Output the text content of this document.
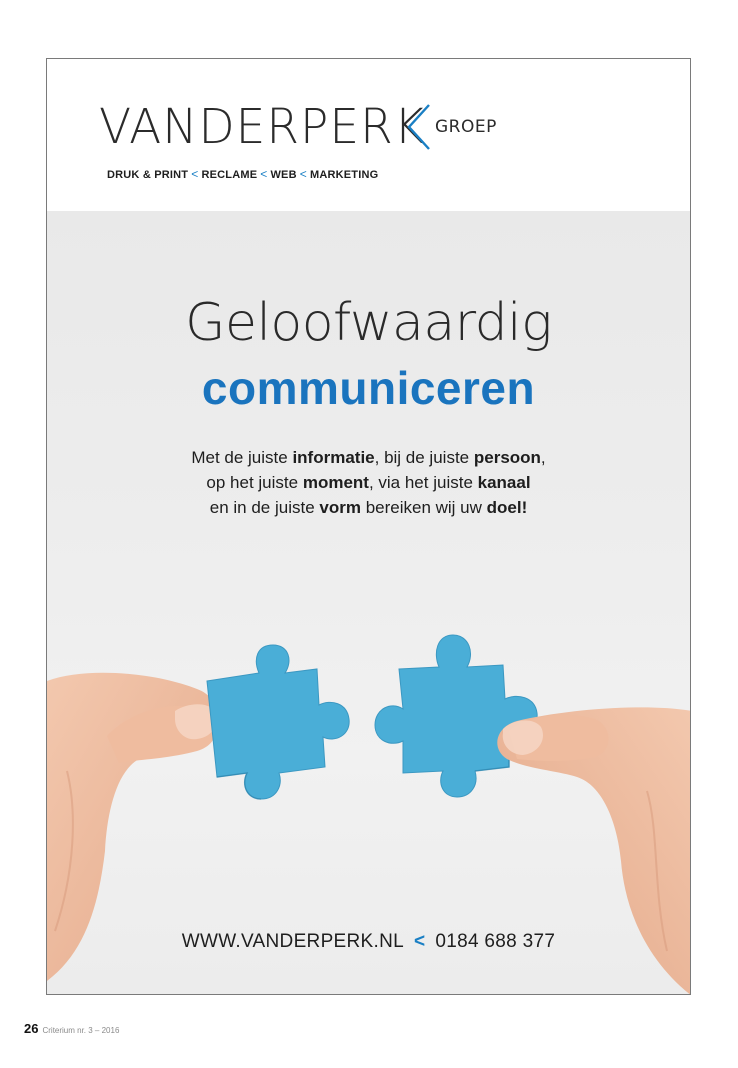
VANDERPERK GROEP
DRUK & PRINT < RECLAME < WEB < MARKETING
Geloofwaardig
communiceren
Met de juiste informatie, bij de juiste persoon,
op het juiste moment, via het juiste kanaal
en in de juiste vorm bereiken wij uw doel!
WWW.VANDERPERK.NL < 0184 688 377
26 Criterium nr. 3 – 2016
